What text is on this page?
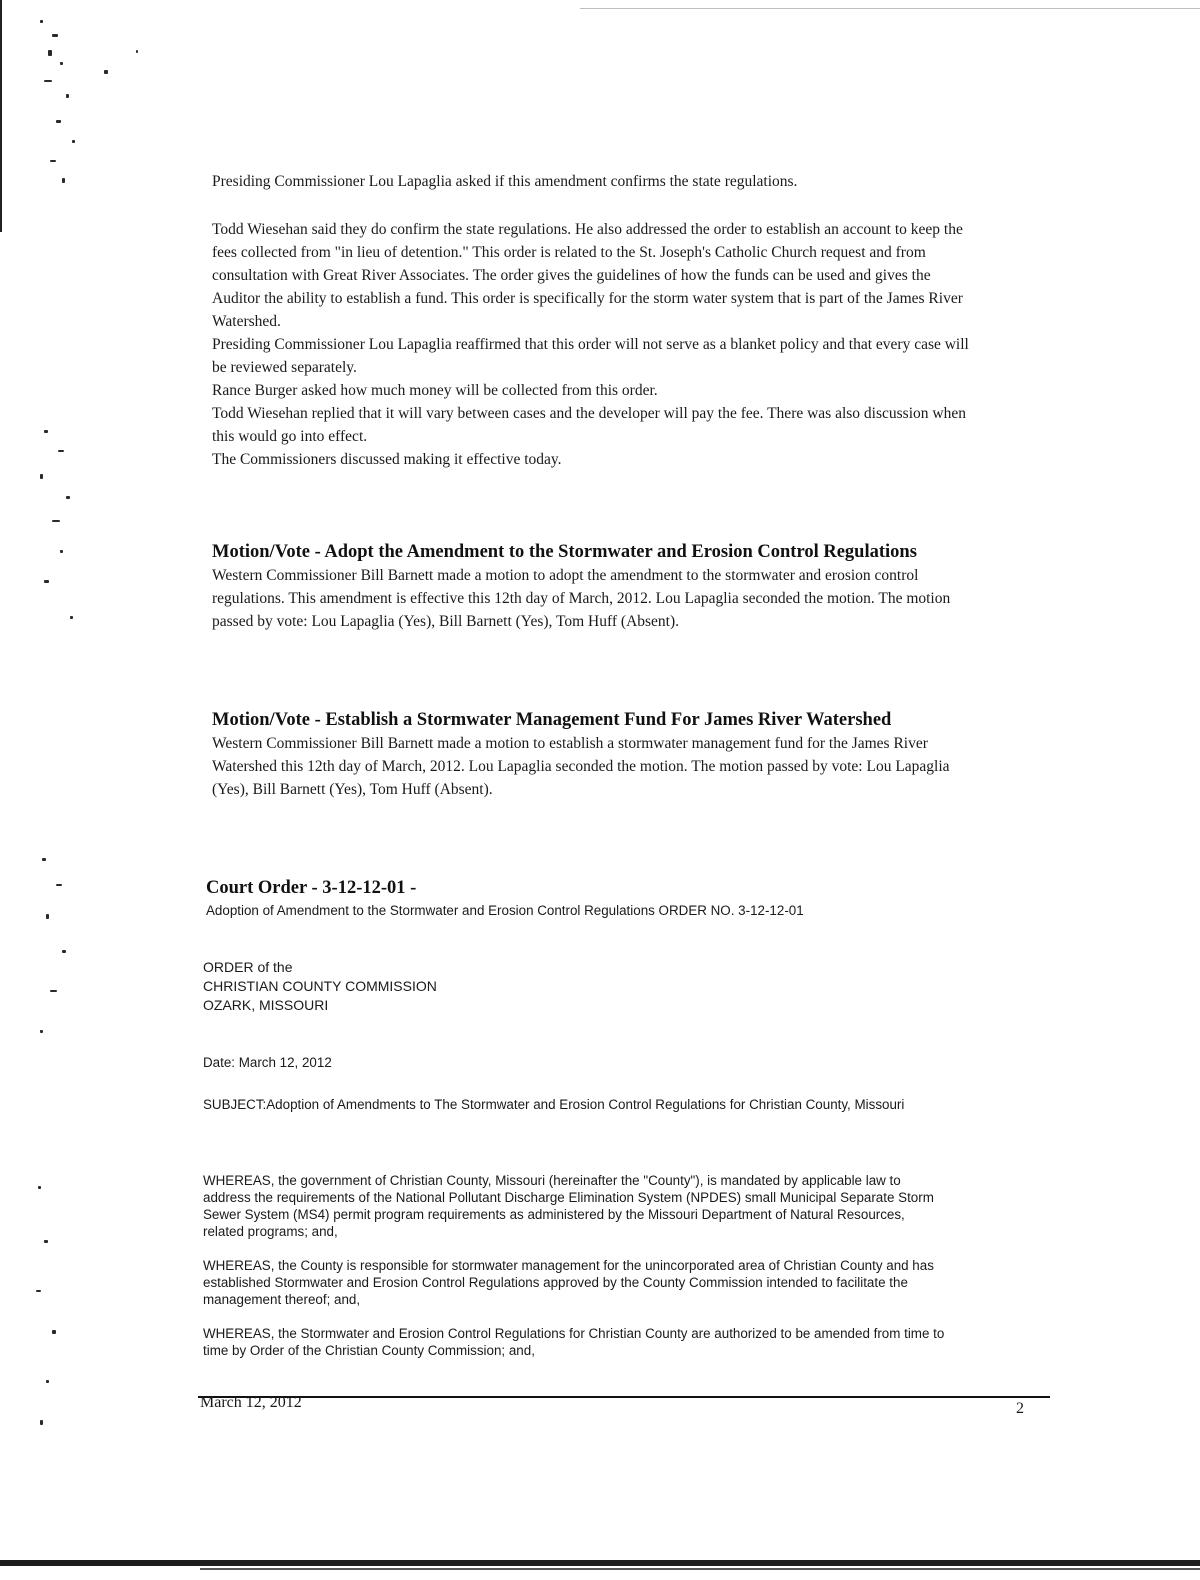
Presiding Commissioner Lou Lapaglia asked if this amendment confirms the state regulations.

Todd Wiesehan said they do confirm the state regulations. He also addressed the order to establish an account to keep the fees collected from "in lieu of detention." This order is related to the St. Joseph's Catholic Church request and from consultation with Great River Associates. The order gives the guidelines of how the funds can be used and gives the Auditor the ability to establish a fund. This order is specifically for the storm water system that is part of the James River Watershed.

Presiding Commissioner Lou Lapaglia reaffirmed that this order will not serve as a blanket policy and that every case will be reviewed separately.

Rance Burger asked how much money will be collected from this order.

Todd Wiesehan replied that it will vary between cases and the developer will pay the fee. There was also discussion when this would go into effect.

The Commissioners discussed making it effective today.

Motion/Vote - Adopt the Amendment to the Stormwater and Erosion Control Regulations

Western Commissioner Bill Barnett made a motion to adopt the amendment to the stormwater and erosion control regulations. This amendment is effective this 12th day of March, 2012. Lou Lapaglia seconded the motion. The motion passed by vote: Lou Lapaglia (Yes), Bill Barnett (Yes), Tom Huff (Absent).

Motion/Vote - Establish a Stormwater Management Fund For James River Watershed

Western Commissioner Bill Barnett made a motion to establish a stormwater management fund for the James River Watershed this 12th day of March, 2012. Lou Lapaglia seconded the motion. The motion passed by vote: Lou Lapaglia (Yes), Bill Barnett (Yes), Tom Huff (Absent).

Court Order - 3-12-12-01 -

Adoption of Amendment to the Stormwater and Erosion Control Regulations ORDER NO. 3-12-12-01

ORDER of the

CHRISTIAN COUNTY COMMISSION

OZARK, MISSOURI

Date: March 12, 2012

SUBJECT:Adoption of Amendments to The Stormwater and Erosion Control Regulations for Christian County, Missouri

WHEREAS, the government of Christian County, Missouri (hereinafter the "County"), is mandated by applicable law to address the requirements of the National Pollutant Discharge Elimination System (NPDES) small Municipal Separate Storm Sewer System (MS4) permit program requirements as administered by the Missouri Department of Natural Resources, related programs; and,

WHEREAS, the County is responsible for stormwater management for the unincorporated area of Christian County and has established Stormwater and Erosion Control Regulations approved by the County Commission intended to facilitate the management thereof; and,

WHEREAS, the Stormwater and Erosion Control Regulations for Christian County are authorized to be amended from time to time by Order of the Christian County Commission; and,

March 12, 2012	2
